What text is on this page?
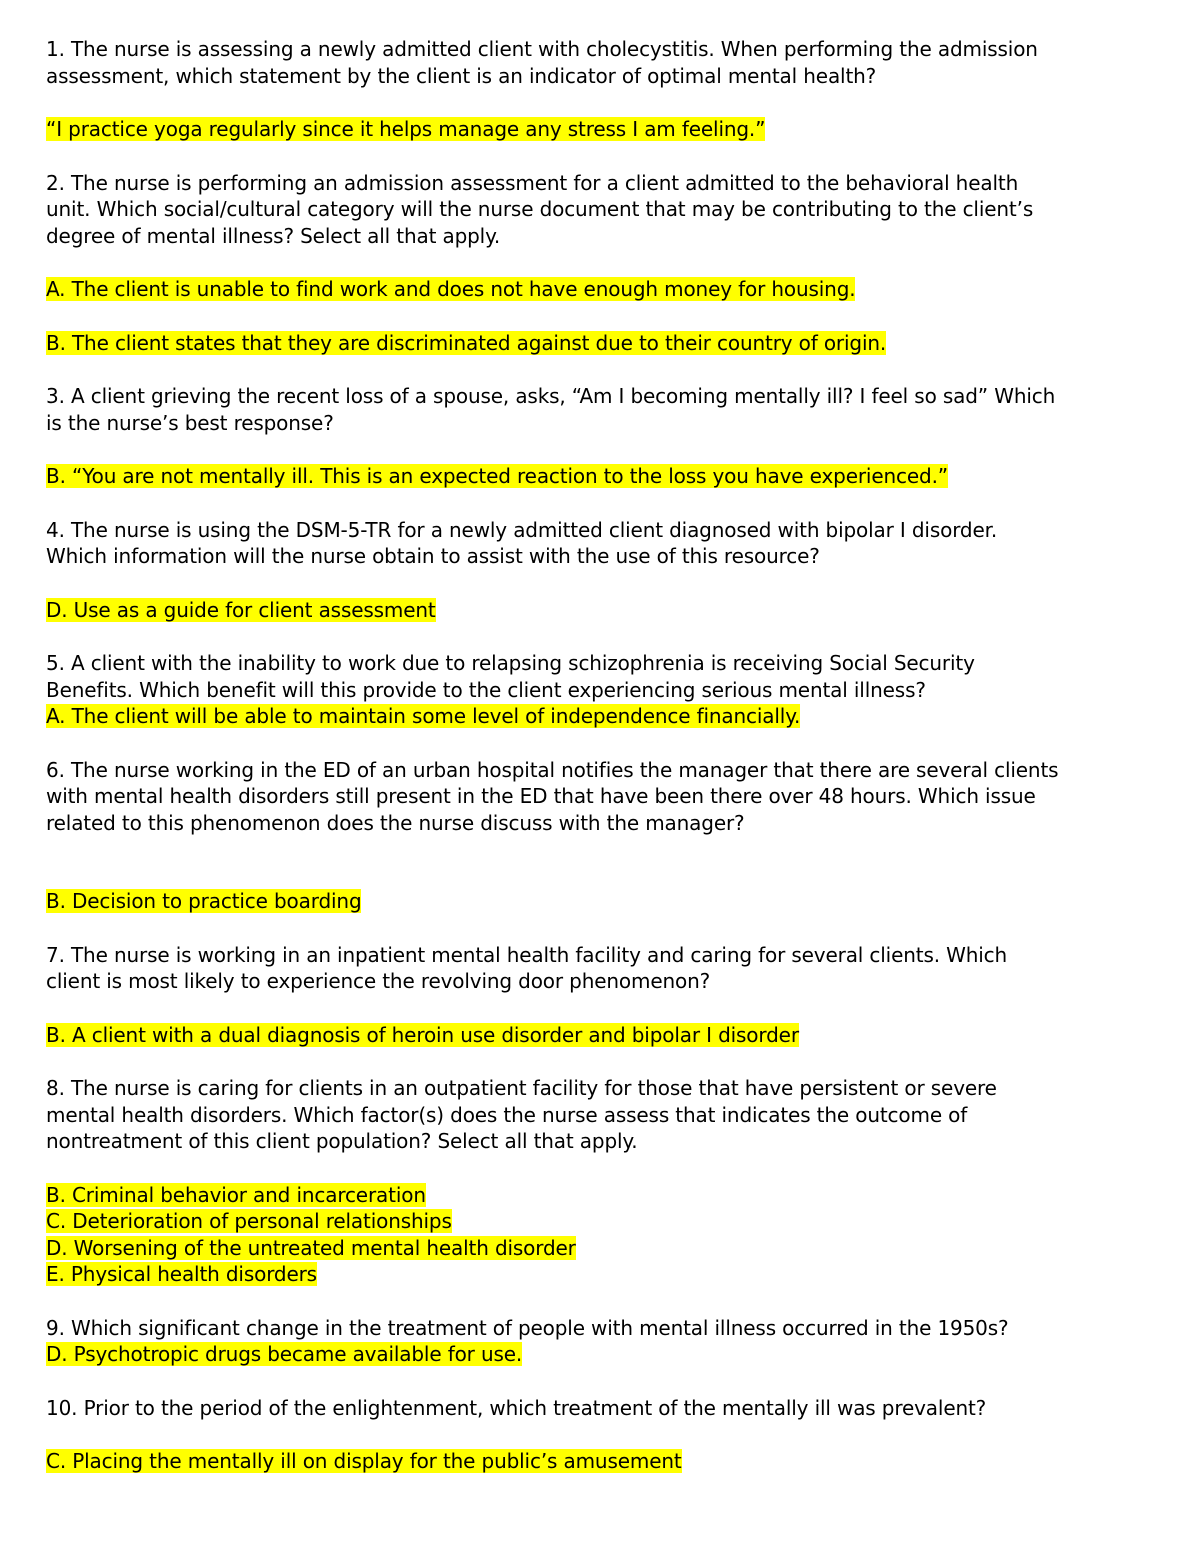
1. The nurse is assessing a newly admitted client with cholecystitis. When performing the admission
assessment, which statement by the client is an indicator of optimal mental health?
“I practice yoga regularly since it helps manage any stress I am feeling.”
2. The nurse is performing an admission assessment for a client admitted to the behavioral health
unit. Which social/cultural category will the nurse document that may be contributing to the client’s
degree of mental illness? Select all that apply.
A. The client is unable to find work and does not have enough money for housing.
B. The client states that they are discriminated against due to their country of origin.
3. A client grieving the recent loss of a spouse, asks, “Am I becoming mentally ill? I feel so sad” Which
is the nurse’s best response?
B. “You are not mentally ill. This is an expected reaction to the loss you have experienced.”
4. The nurse is using the DSM-5-TR for a newly admitted client diagnosed with bipolar I disorder.
Which information will the nurse obtain to assist with the use of this resource?
D. Use as a guide for client assessment
5. A client with the inability to work due to relapsing schizophrenia is receiving Social Security
Benefits. Which benefit will this provide to the client experiencing serious mental illness?
A. The client will be able to maintain some level of independence financially.
6. The nurse working in the ED of an urban hospital notifies the manager that there are several clients
with mental health disorders still present in the ED that have been there over 48 hours. Which issue
related to this phenomenon does the nurse discuss with the manager?
B. Decision to practice boarding
7. The nurse is working in an inpatient mental health facility and caring for several clients. Which
client is most likely to experience the revolving door phenomenon?
B. A client with a dual diagnosis of heroin use disorder and bipolar I disorder
8. The nurse is caring for clients in an outpatient facility for those that have persistent or severe
mental health disorders. Which factor(s) does the nurse assess that indicates the outcome of
nontreatment of this client population? Select all that apply.
B. Criminal behavior and incarceration
C. Deterioration of personal relationships
D. Worsening of the untreated mental health disorder
E. Physical health disorders
9. Which significant change in the treatment of people with mental illness occurred in the 1950s?
D. Psychotropic drugs became available for use.
10. Prior to the period of the enlightenment, which treatment of the mentally ill was prevalent?
C. Placing the mentally ill on display for the public’s amusement
